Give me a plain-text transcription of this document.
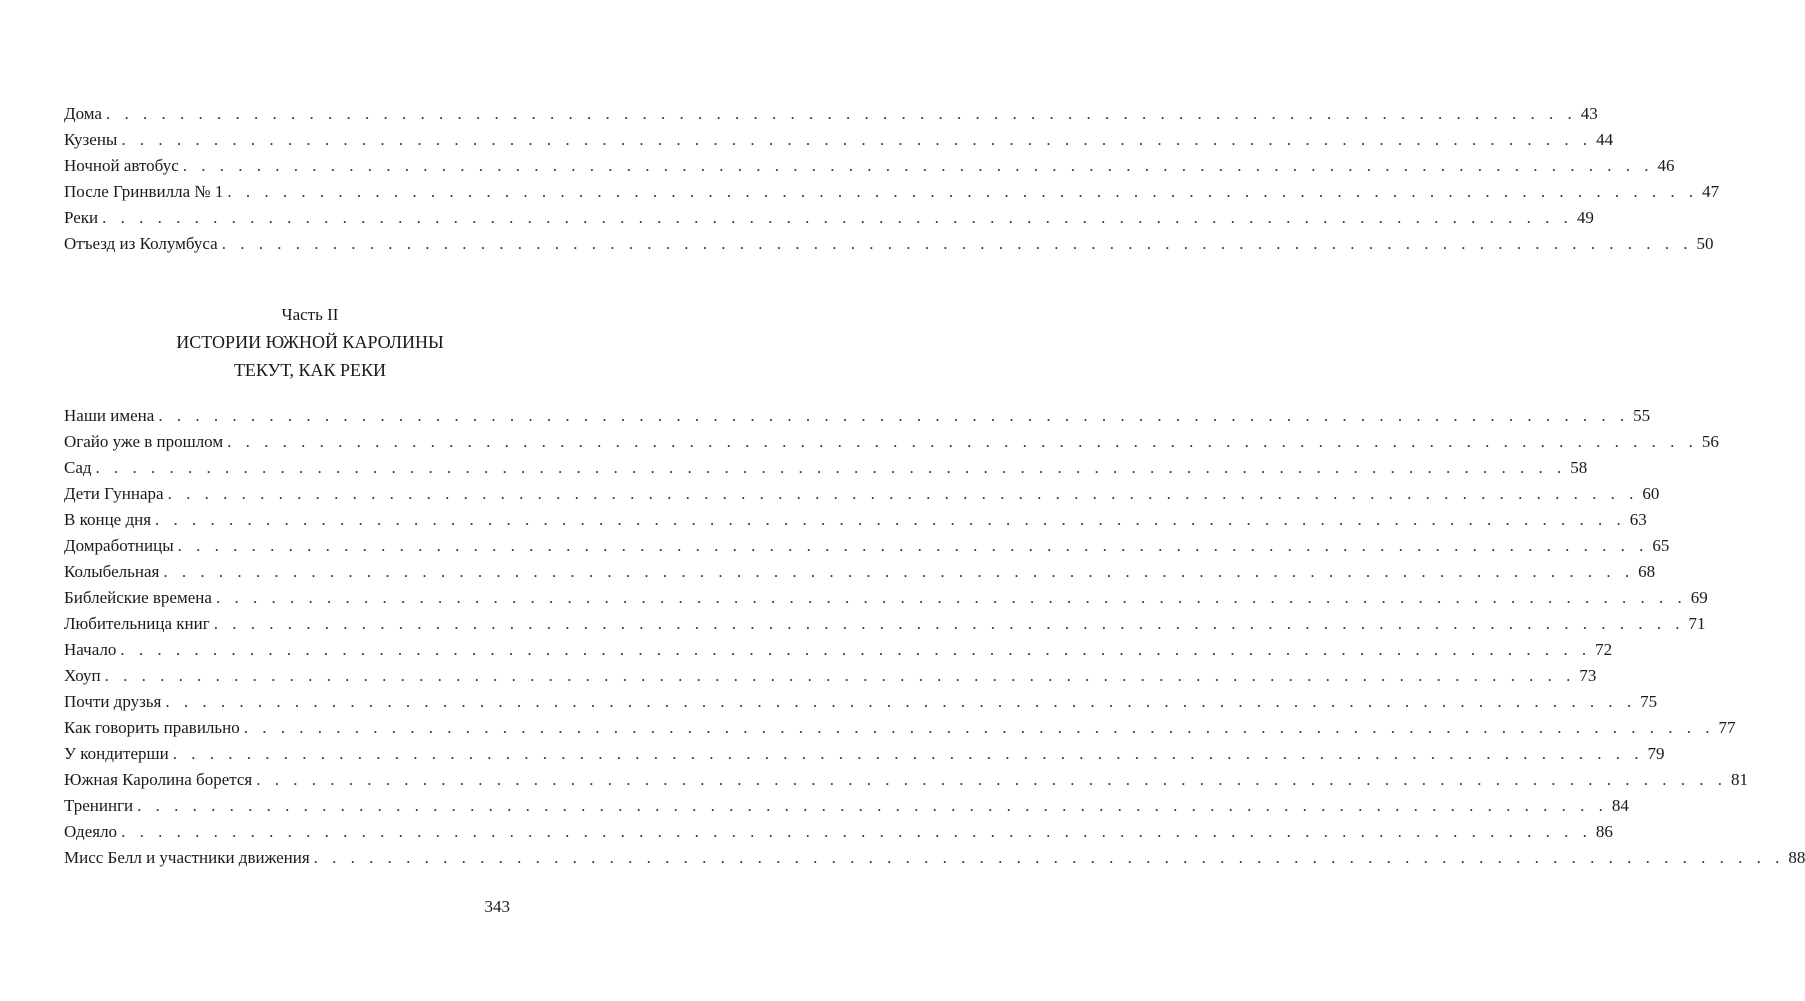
Дома . . . . . . . . . . . . . . . . . . . . . . . . . . . . . . . . . . . . . . . . . . . . . . . . . . . . . . . . . . . . . . . . . . . . . . . . . . . . . . . . 43
Кузены . . . . . . . . . . . . . . . . . . . . . . . . . . . . . . . . . . . . . . . . . . . . . . . . . . . . . . . . . . . . . . . . . . . . . . . . . . . . . . . . 44
Ночной автобус . . . . . . . . . . . . . . . . . . . . . . . . . . . . . . . . . . . . . . . . . . . . . . . . . . . . . . . . . . . . . . . . . . . . . . . . . . . . . . . . 46
После Гринвилла № 1 . . . . . . . . . . . . . . . . . . . . . . . . . . . . . . . . . . . . . . . . . . . . . . . . . . . . . . . . . . . . . . . . . . . . . . . . . . . . . . . . 47
Реки . . . . . . . . . . . . . . . . . . . . . . . . . . . . . . . . . . . . . . . . . . . . . . . . . . . . . . . . . . . . . . . . . . . . . . . . . . . . . . . . 49
Отъезд из Колумбуса . . . . . . . . . . . . . . . . . . . . . . . . . . . . . . . . . . . . . . . . . . . . . . . . . . . . . . . . . . . . . . . . . . . . . . . . . . . . . . . . 50
Часть II
ИСТОРИИ ЮЖНОЙ КАРОЛИНЫ
ТЕКУТ, КАК РЕКИ
Наши имена . . . . . . . . . . . . . . . . . . . . . . . . . . . . . . . . . . . . . . . . . . . . . . . . . . . . . . . . . . . . . . . . . . . . . . . . . . . . . . . . 55
Огайо уже в прошлом . . . . . . . . . . . . . . . . . . . . . . . . . . . . . . . . . . . . . . . . . . . . . . . . . . . . . . . . . . . . . . . . . . . . . . . . . . . . . . . . 56
Сад . . . . . . . . . . . . . . . . . . . . . . . . . . . . . . . . . . . . . . . . . . . . . . . . . . . . . . . . . . . . . . . . . . . . . . . . . . . . . . . . 58
Дети Гуннара . . . . . . . . . . . . . . . . . . . . . . . . . . . . . . . . . . . . . . . . . . . . . . . . . . . . . . . . . . . . . . . . . . . . . . . . . . . . . . . . 60
В конце дня . . . . . . . . . . . . . . . . . . . . . . . . . . . . . . . . . . . . . . . . . . . . . . . . . . . . . . . . . . . . . . . . . . . . . . . . . . . . . . . . 63
Домработницы . . . . . . . . . . . . . . . . . . . . . . . . . . . . . . . . . . . . . . . . . . . . . . . . . . . . . . . . . . . . . . . . . . . . . . . . . . . . . . . . 65
Колыбельная . . . . . . . . . . . . . . . . . . . . . . . . . . . . . . . . . . . . . . . . . . . . . . . . . . . . . . . . . . . . . . . . . . . . . . . . . . . . . . . . 68
Библейские времена . . . . . . . . . . . . . . . . . . . . . . . . . . . . . . . . . . . . . . . . . . . . . . . . . . . . . . . . . . . . . . . . . . . . . . . . . . . . . . . . 69
Любительница книг . . . . . . . . . . . . . . . . . . . . . . . . . . . . . . . . . . . . . . . . . . . . . . . . . . . . . . . . . . . . . . . . . . . . . . . . . . . . . . . . 71
Начало . . . . . . . . . . . . . . . . . . . . . . . . . . . . . . . . . . . . . . . . . . . . . . . . . . . . . . . . . . . . . . . . . . . . . . . . . . . . . . . . 72
Хоуп . . . . . . . . . . . . . . . . . . . . . . . . . . . . . . . . . . . . . . . . . . . . . . . . . . . . . . . . . . . . . . . . . . . . . . . . . . . . . . . . 73
Почти друзья . . . . . . . . . . . . . . . . . . . . . . . . . . . . . . . . . . . . . . . . . . . . . . . . . . . . . . . . . . . . . . . . . . . . . . . . . . . . . . . . 75
Как говорить правильно . . . . . . . . . . . . . . . . . . . . . . . . . . . . . . . . . . . . . . . . . . . . . . . . . . . . . . . . . . . . . . . . . . . . . . . . . . . . . . . . 77
У кондитерши . . . . . . . . . . . . . . . . . . . . . . . . . . . . . . . . . . . . . . . . . . . . . . . . . . . . . . . . . . . . . . . . . . . . . . . . . . . . . . . . 79
Южная Каролина борется . . . . . . . . . . . . . . . . . . . . . . . . . . . . . . . . . . . . . . . . . . . . . . . . . . . . . . . . . . . . . . . . . . . . . . . . . . . . . . . . 81
Тренинги . . . . . . . . . . . . . . . . . . . . . . . . . . . . . . . . . . . . . . . . . . . . . . . . . . . . . . . . . . . . . . . . . . . . . . . . . . . . . . . . 84
Одеяло . . . . . . . . . . . . . . . . . . . . . . . . . . . . . . . . . . . . . . . . . . . . . . . . . . . . . . . . . . . . . . . . . . . . . . . . . . . . . . . . 86
Мисс Белл и участники движения . . . . . . . . . . . . . . . . . . . . . . . . . . . . . . . . . . . . . . . . . . . . . . . . . . . . . . . . . . . . . . . . . . . . . . . . . . . . . . . . 88
343
